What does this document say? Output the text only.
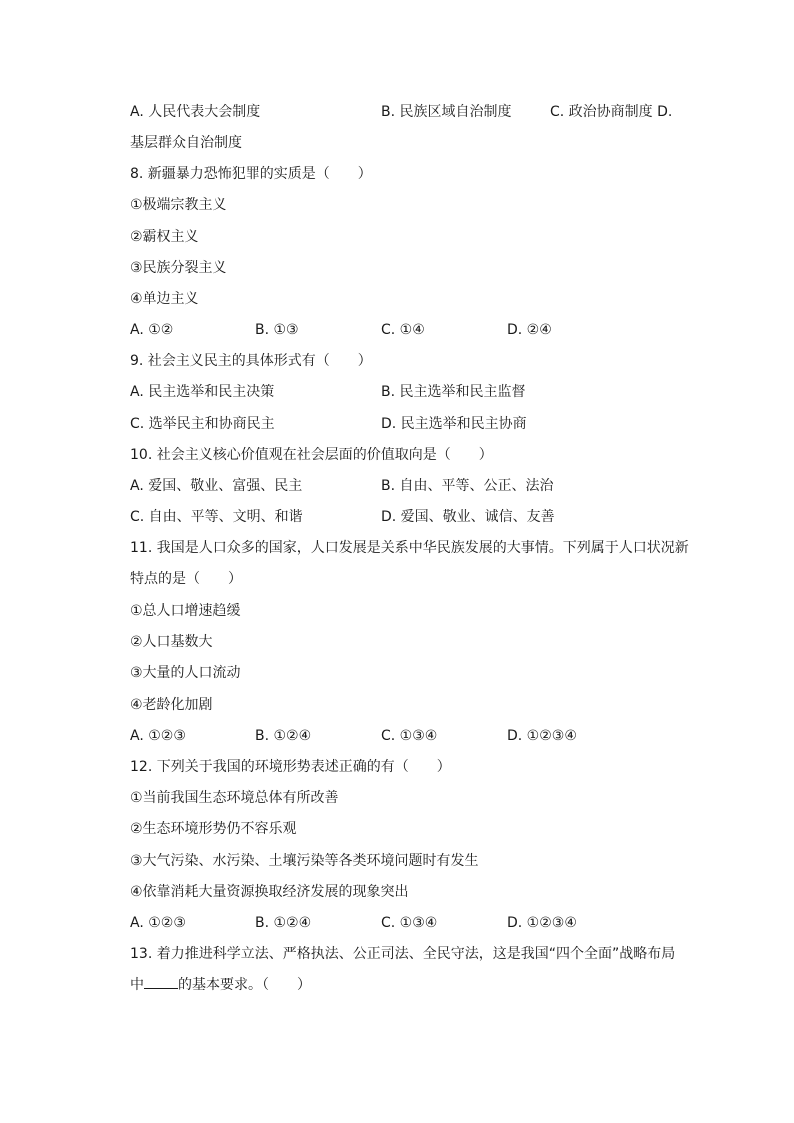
A. 人民代表大会制度	B. 民族区域自治制度	C. 政治协商制度 D.
基层群众自治制度
8. 新疆暴力恐怖犯罪的实质是（　　）
①极端宗教主义
②霸权主义
③民族分裂主义
④单边主义
A. ①②	B. ①③	C. ①④	D. ②④
9. 社会主义民主的具体形式有（　　）
A. 民主选举和民主决策	B. 民主选举和民主监督
C. 选举民主和协商民主	D. 民主选举和民主协商
10. 社会主义核心价值观在社会层面的价值取向是（　　）
A. 爱国、敬业、富强、民主	B. 自由、平等、公正、法治
C. 自由、平等、文明、和谐	D. 爱国、敬业、诚信、友善
11. 我国是人口众多的国家，人口发展是关系中华民族发展的大事情。下列属于人口状况新
特点的是（　　）
①总人口增速趋缓
②人口基数大
③大量的人口流动
④老龄化加剧
A. ①②③	B. ①②④	C. ①③④	D. ①②③④
12. 下列关于我国的环境形势表述正确的有（　　）
①当前我国生态环境总体有所改善
②生态环境形势仍不容乐观
③大气污染、水污染、土壤污染等各类环境问题时有发生
④依靠消耗大量资源换取经济发展的现象突出
A. ①②③	B. ①②④	C. ①③④	D. ①②③④
13. 着力推进科学立法、严格执法、公正司法、全民守法，这是我国“四个全面”战略布局
中 的基本要求。（　　）
